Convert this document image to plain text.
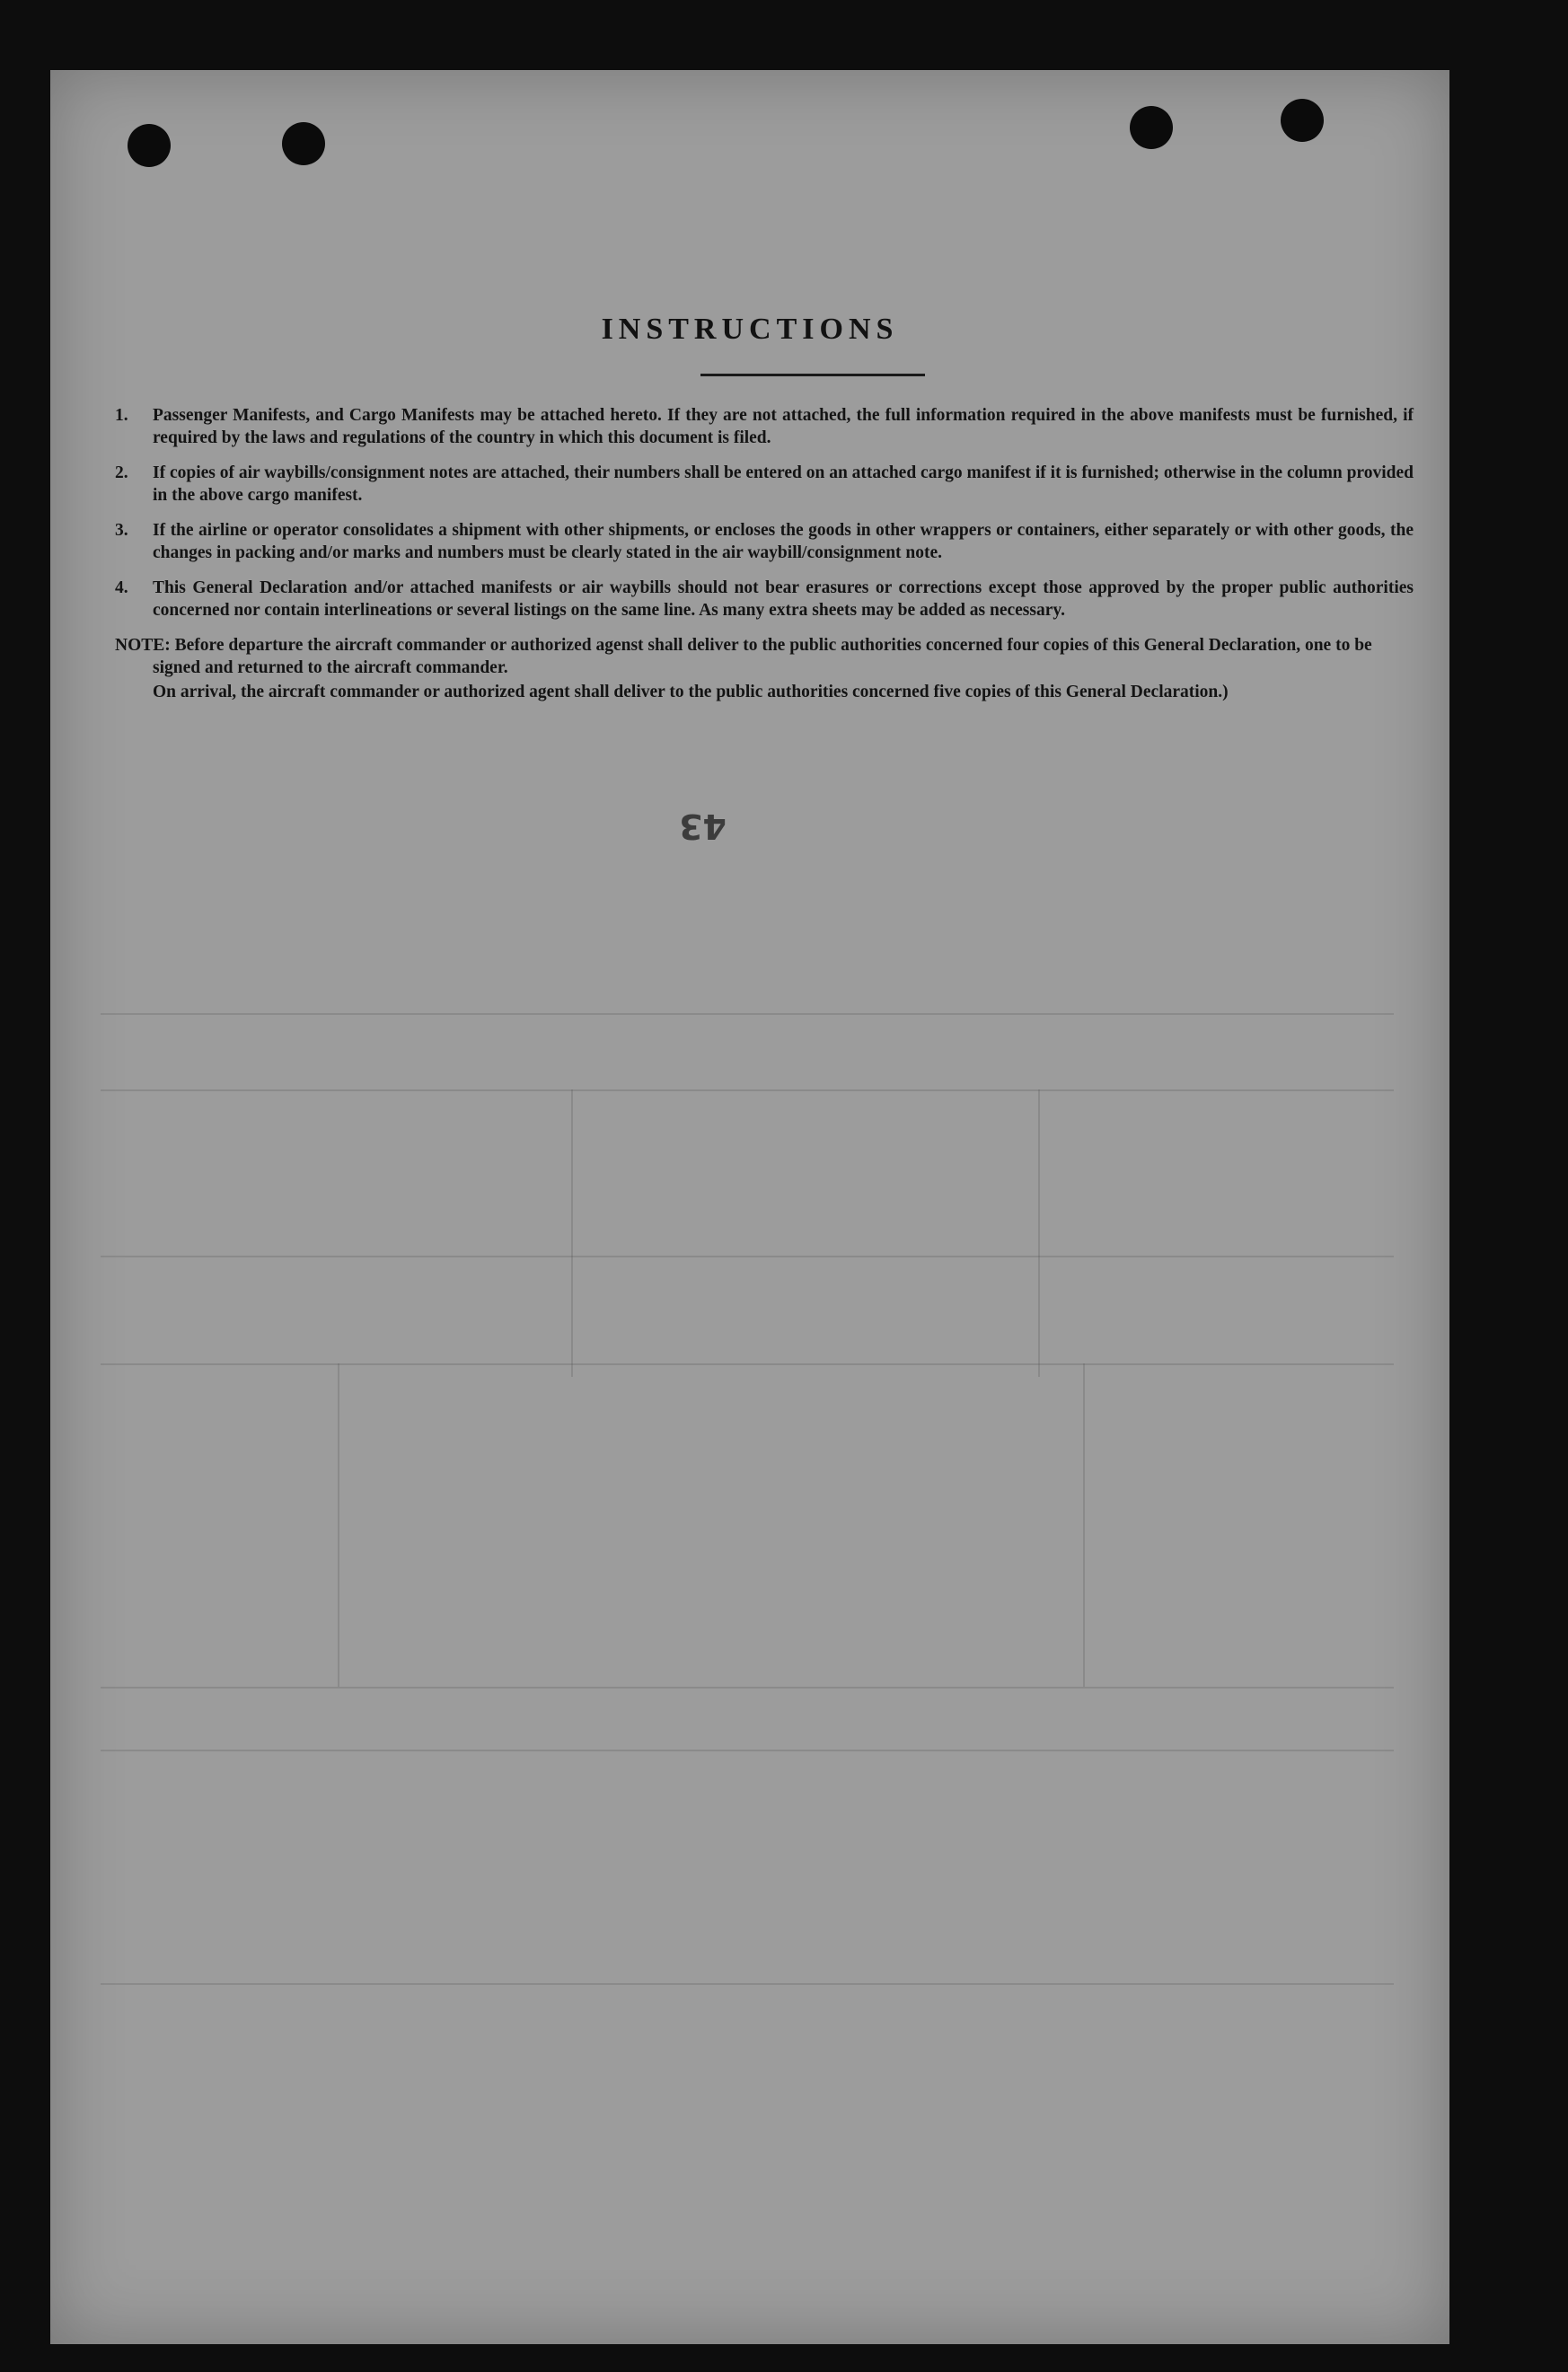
INSTRUCTIONS
1.	Passenger Manifests, and Cargo Manifests may be attached hereto. If they are not attached, the full information required in the above manifests must be furnished, if required by the laws and regulations of the country in which this document is filed.
2.	If copies of air waybills/consignment notes are attached, their numbers shall be entered on an attached cargo manifest if it is furnished; otherwise in the column provided in the above cargo manifest.
3.	If the airline or operator consolidates a shipment with other shipments, or encloses the goods in other wrappers or containers, either separately or with other goods, the changes in packing and/or marks and numbers must be clearly stated in the air waybill/consignment note.
4.	This General Declaration and/or attached manifests or air waybills should not bear erasures or corrections except those approved by the proper public authorities concerned nor contain interlineations or several listings on the same line. As many extra sheets may be added as necessary.
NOTE: Before departure the aircraft commander or authorized agenst shall deliver to the public authorities concerned four copies of this General Declaration, one to be signed and returned to the aircraft commander.
On arrival, the aircraft commander or authorized agent shall deliver to the public authorities concerned five copies of this General Declaration.)
43
